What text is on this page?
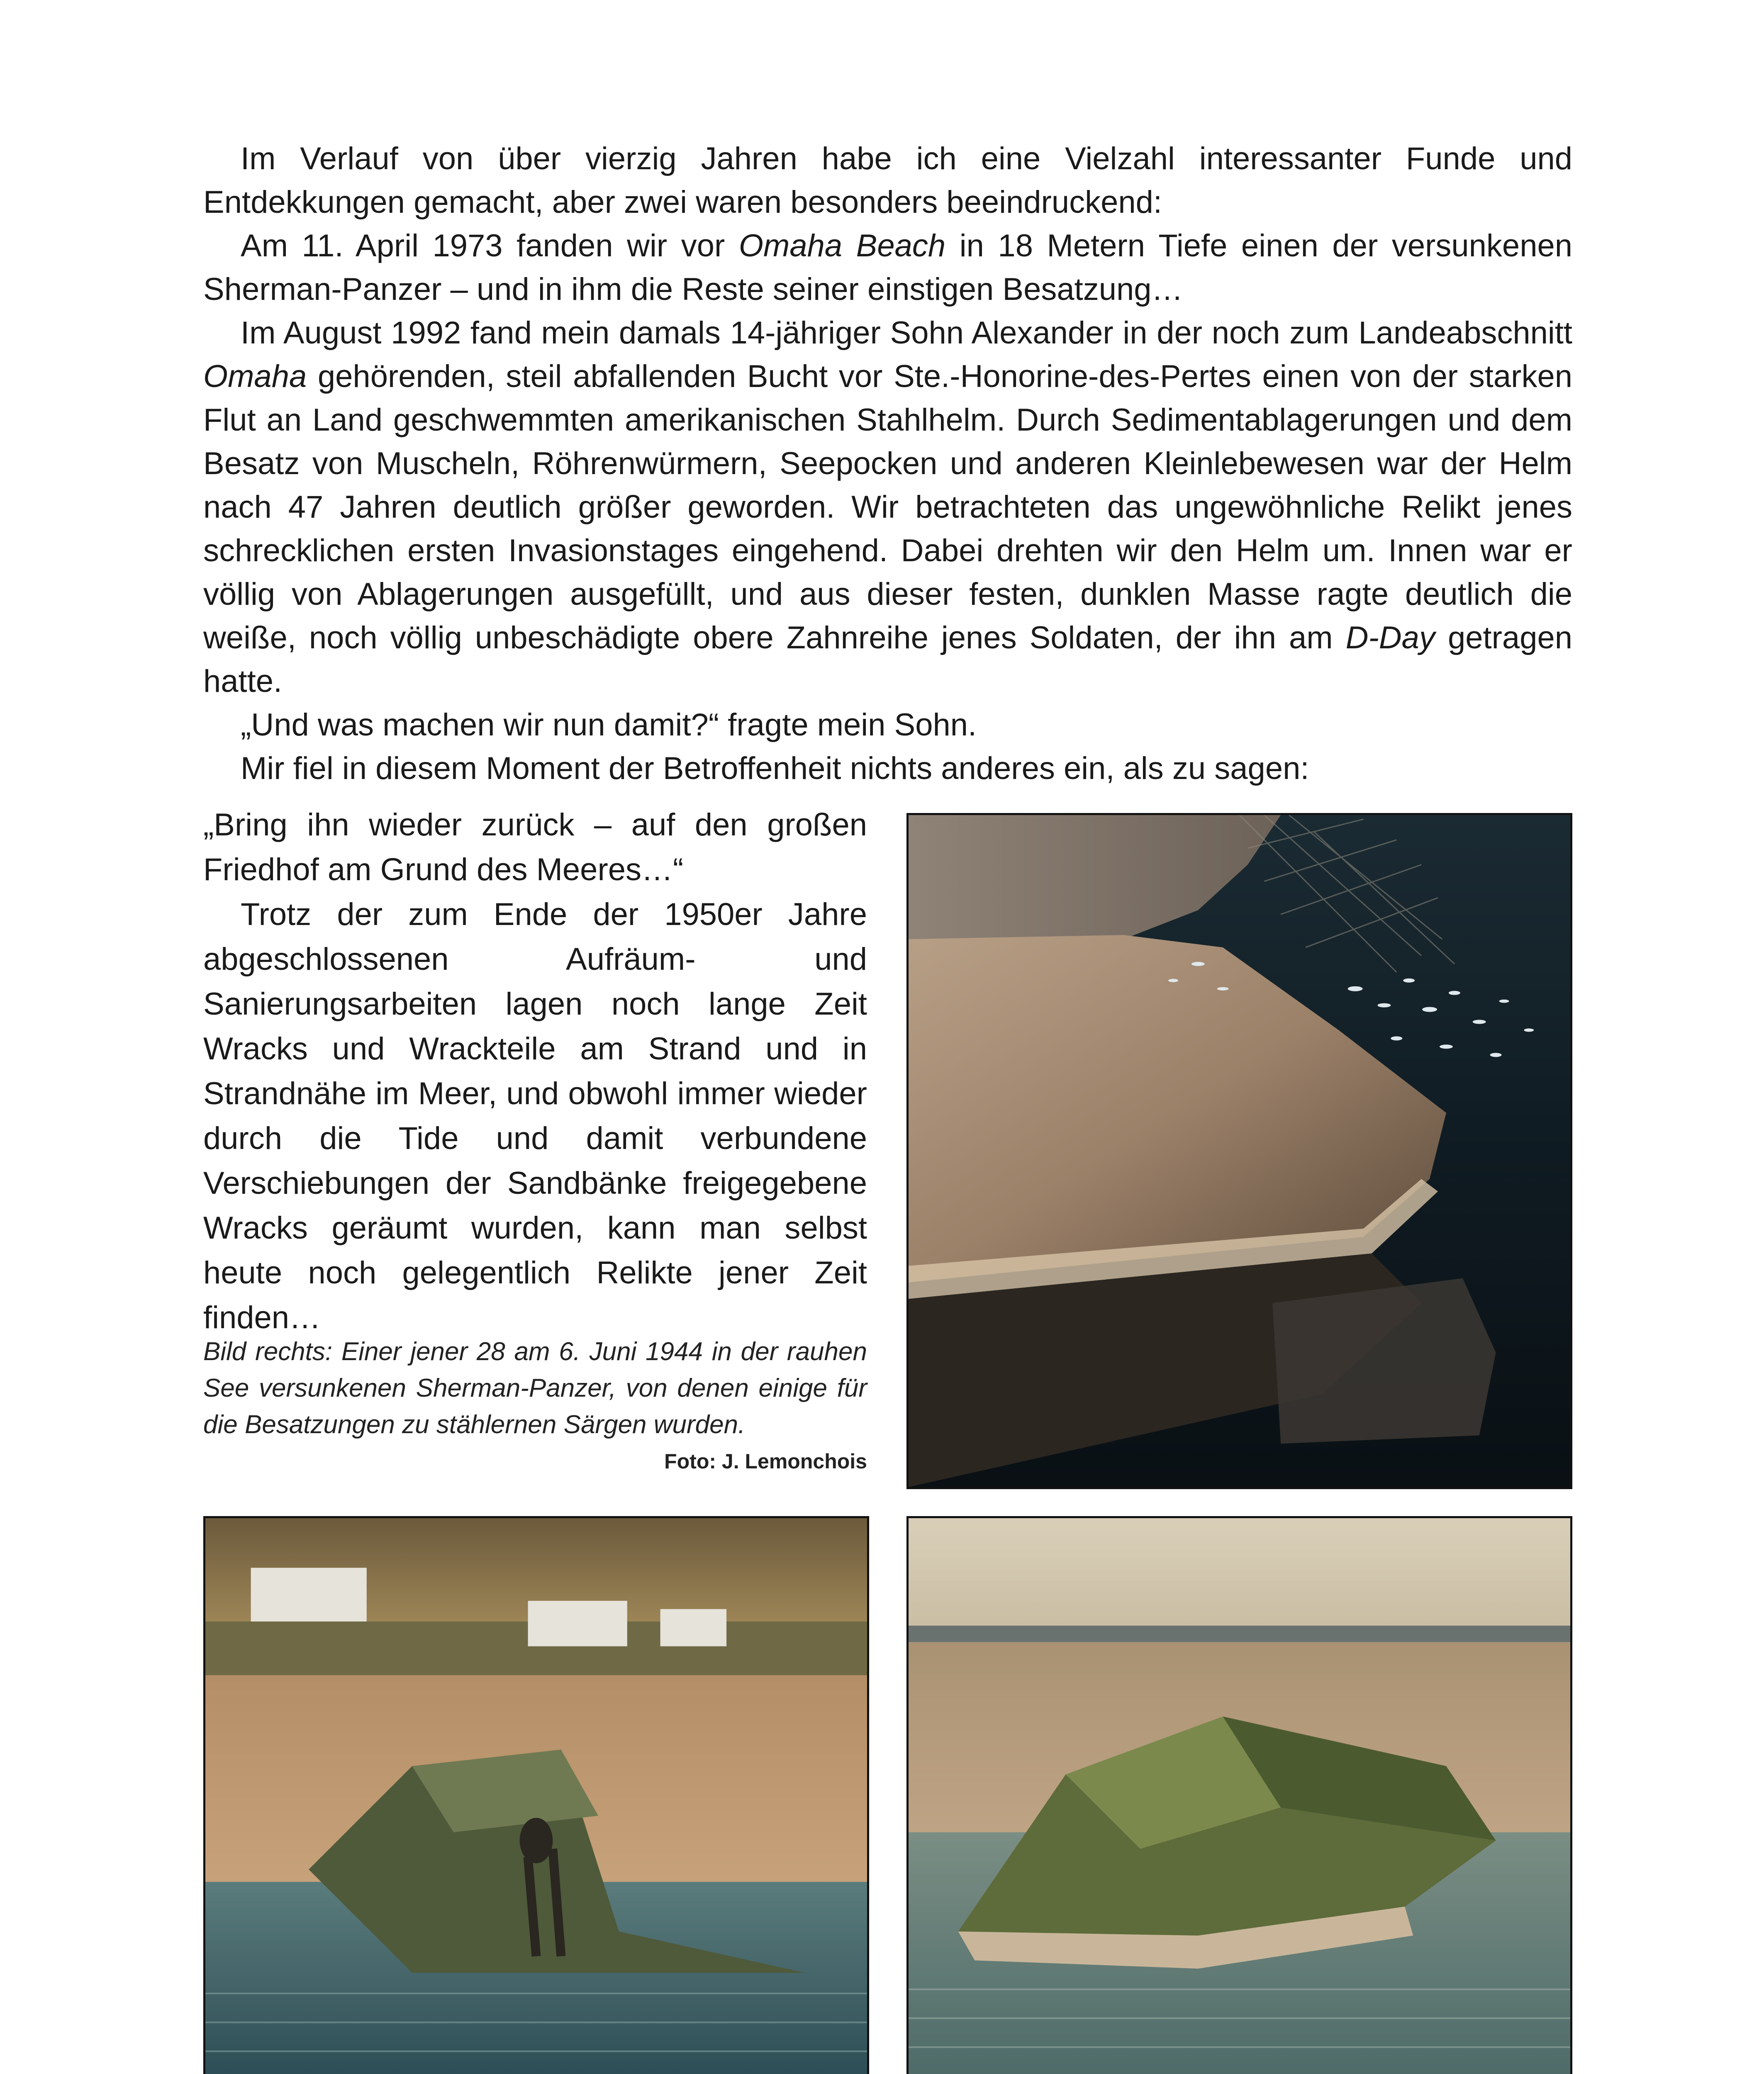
Im Verlauf von über vierzig Jahren habe ich eine Vielzahl interessanter Funde und Entdekkungen gemacht, aber zwei waren besonders beeindruckend:

Am 11. April 1973 fanden wir vor Omaha Beach in 18 Metern Tiefe einen der versunkenen Sherman-Panzer – und in ihm die Reste seiner einstigen Besatzung…

Im August 1992 fand mein damals 14-jähriger Sohn Alexander in der noch zum Landeabschnitt Omaha gehörenden, steil abfallenden Bucht vor Ste.-Honorine-des-Pertes einen von der starken Flut an Land geschwemmten amerikanischen Stahlhelm. Durch Sedimentablagerungen und dem Besatz von Muscheln, Röhrenwürmern, Seepocken und anderen Kleinlebewesen war der Helm nach 47 Jahren deutlich größer geworden. Wir betrachteten das ungewöhnliche Relikt jenes schrecklichen ersten Invasionstages eingehend. Dabei drehten wir den Helm um. Innen war er völlig von Ablagerungen ausgefüllt, und aus dieser festen, dunklen Masse ragte deutlich die weiße, noch völlig unbeschädigte obere Zahnreihe jenes Soldaten, der ihn am D-Day getragen hatte.

„Und was machen wir nun damit?“ fragte mein Sohn.

Mir fiel in diesem Moment der Betroffenheit nichts anderes ein, als zu sagen:

„Bring ihn wieder zurück – auf den großen Friedhof am Grund des Meeres…“

Trotz der zum Ende der 1950er Jahre abgeschlossenen Aufräum- und Sanierungsarbeiten lagen noch lange Zeit Wracks und Wrackteile am Strand und in Strandnähe im Meer, und obwohl immer wieder durch die Tide und damit verbundene Verschiebungen der Sandbänke freigegebene Wracks geräumt wurden, kann man selbst heute noch gelegentlich Relikte jener Zeit finden…

Bild rechts: Einer jener 28 am 6. Juni 1944 in der rauhen See versunkenen Sherman-Panzer, von denen einige für die Besatzungen zu stählernen Särgen wurden.
Foto: J. Lemonchois
